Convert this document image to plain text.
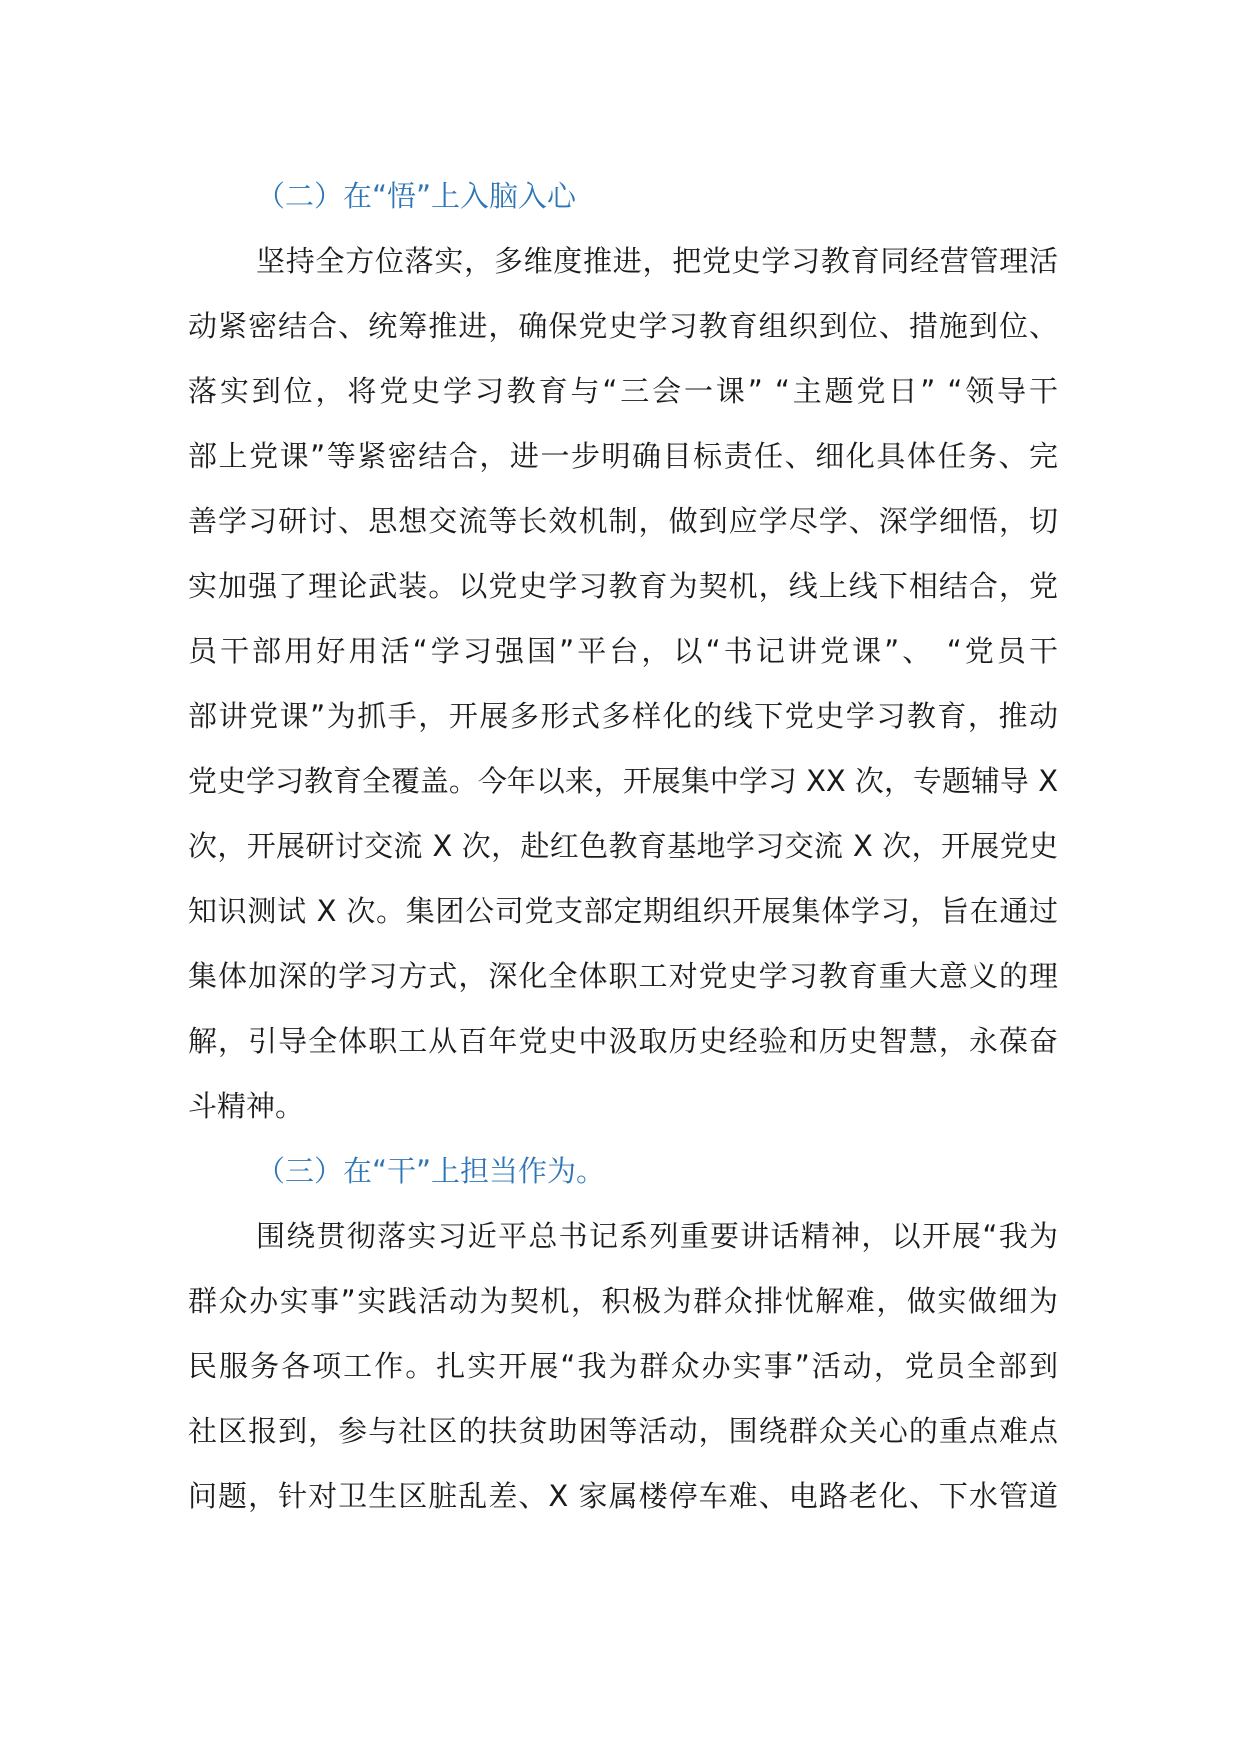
（二）在“悟”上入脑入心
坚持全方位落实，多维度推进，把党史学习教育同经营管理活
动紧密结合、统筹推进，确保党史学习教育组织到位、措施到位、
落实到位，将党史学习教育与“三会一课” “主题党日” “领导干
部上党课”等紧密结合，进一步明确目标责任、细化具体任务、完
善学习研讨、思想交流等长效机制，做到应学尽学、深学细悟，切
实加强了理论武装。以党史学习教育为契机，线上线下相结合，党
员干部用好用活“学习强国”平台，以“书记讲党课”、 “党员干
部讲党课”为抓手，开展多形式多样化的线下党史学习教育，推动
党史学习教育全覆盖。今年以来，开展集中学习 XX 次，专题辅导 X
次，开展研讨交流 X 次，赴红色教育基地学习交流 X 次，开展党史
知识测试 X 次。集团公司党支部定期组织开展集体学习，旨在通过
集体加深的学习方式，深化全体职工对党史学习教育重大意义的理
解，引导全体职工从百年党史中汲取历史经验和历史智慧，永葆奋
斗精神。
（三）在“干”上担当作为。
围绕贯彻落实习近平总书记系列重要讲话精神，以开展“我为
群众办实事”实践活动为契机，积极为群众排忧解难，做实做细为
民服务各项工作。扎实开展“我为群众办实事”活动，党员全部到
社区报到，参与社区的扶贫助困等活动，围绕群众关心的重点难点
问题，针对卫生区脏乱差、X 家属楼停车难、电路老化、下水管道
